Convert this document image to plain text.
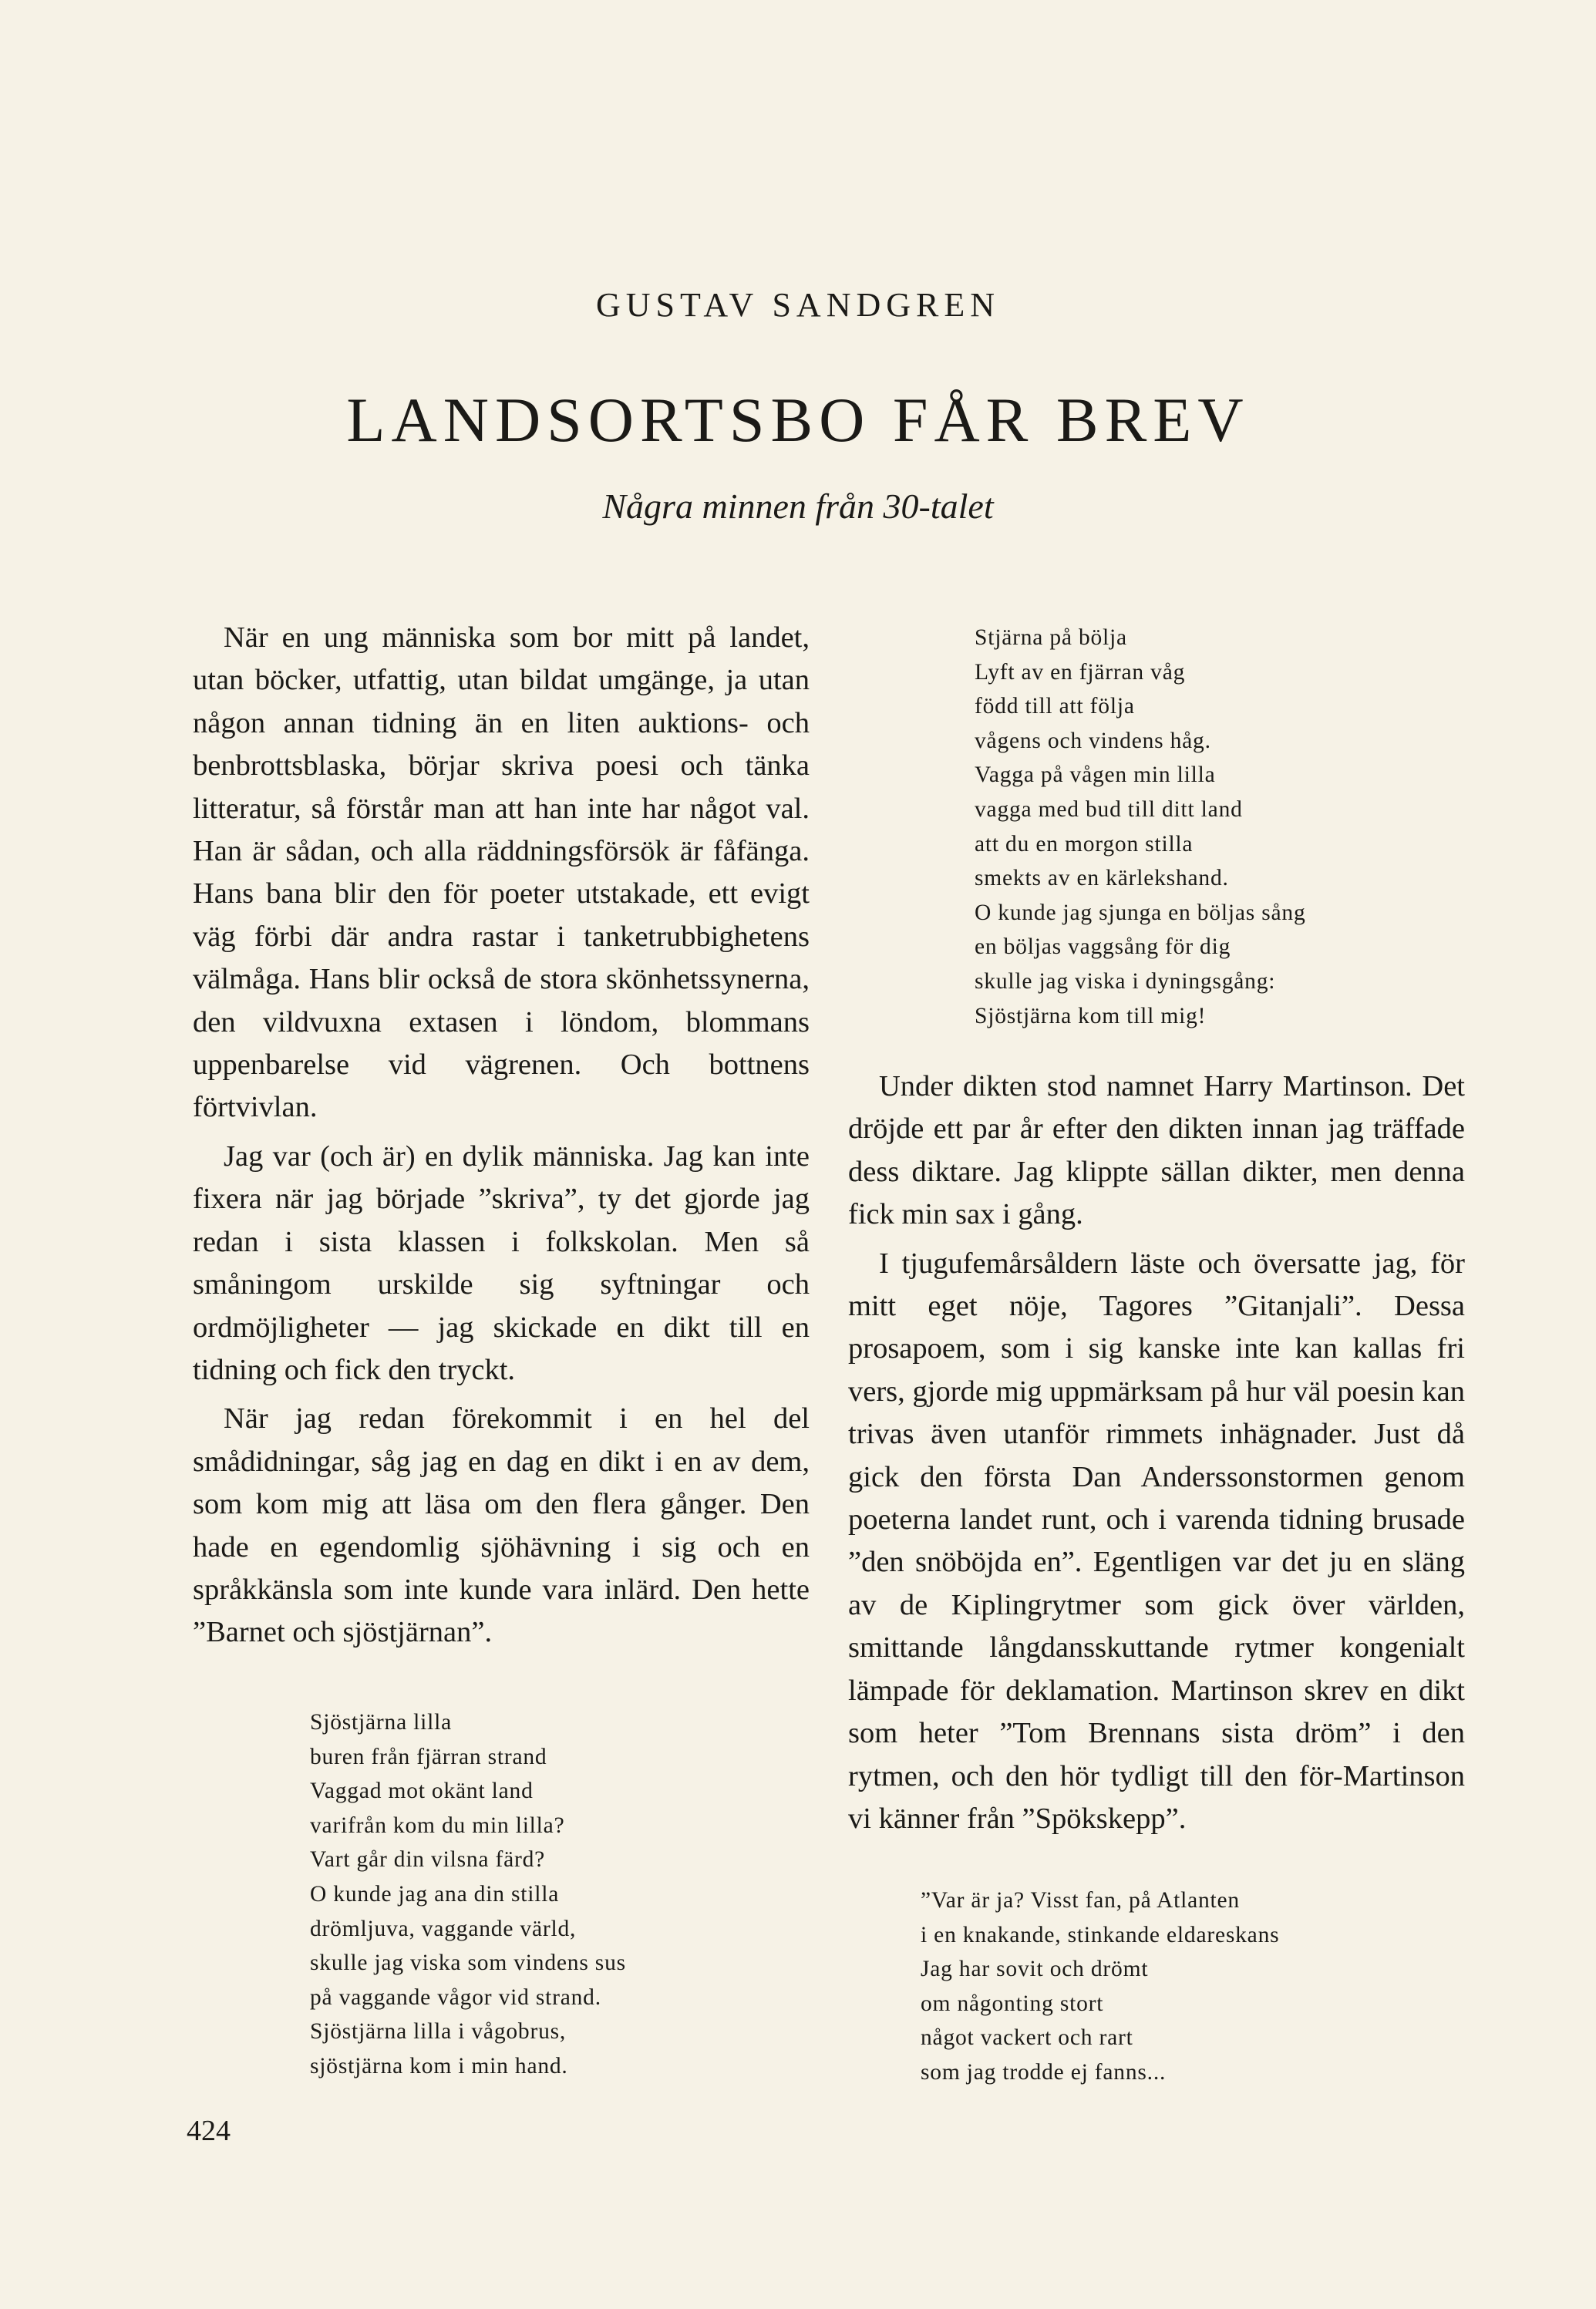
GUSTAV SANDGREN
LANDSORTSBO FÅR BREV
Några minnen från 30-talet

När en ung människa som bor mitt på landet, utan böcker, utfattig, utan bildat umgänge, ja utan någon annan tidning än en liten auktions- och benbrottsblaska, börjar skriva poesi och tänka litteratur, så förstår man att han inte har något val. Han är sådan, och alla räddningsförsök är fåfänga. Hans bana blir den för poeter utstakade, ett evigt väg förbi där andra rastar i tanketrubbighetens välmåga. Hans blir också de stora skönhetssynerna, den vildvuxna extasen i löndom, blommans uppenbarelse vid vägrenen. Och bottnens förtvivlan.

Jag var (och är) en dylik människa. Jag kan inte fixera när jag började ”skriva”, ty det gjorde jag redan i sista klassen i folkskolan. Men så småningom urskilde sig syftningar och ordmöjligheter — jag skickade en dikt till en tidning och fick den tryckt.

När jag redan förekommit i en hel del smådidningar, såg jag en dag en dikt i en av dem, som kom mig att läsa om den flera gånger. Den hade en egendomlig sjöhävning i sig och en språkkänsla som inte kunde vara inlärd. Den hette ”Barnet och sjöstjärnan”.

Sjöstjärna lilla
buren från fjärran strand
Vaggad mot okänt land
varifrån kom du min lilla?
Vart går din vilsna färd?
O kunde jag ana din stilla
drömljuva, vaggande värld,
skulle jag viska som vindens sus
på vaggande vågor vid strand.
Sjöstjärna lilla i vågobrus,
sjöstjärna kom i min hand.
Stjärna på bölja
Lyft av en fjärran våg
född till att följa
vågens och vindens håg.
Vagga på vågen min lilla
vagga med bud till ditt land
att du en morgon stilla
smekts av en kärlekshand.
O kunde jag sjunga en böljas sång
en böljas vaggsång för dig
skulle jag viska i dyningsgång:
Sjöstjärna kom till mig!

Under dikten stod namnet Harry Martinson. Det dröjde ett par år efter den dikten innan jag träffade dess diktare. Jag klippte sällan dikter, men denna fick min sax i gång.

I tjugufemårsåldern läste och översatte jag, för mitt eget nöje, Tagores ”Gitanjali”. Dessa prosapoem, som i sig kanske inte kan kallas fri vers, gjorde mig uppmärksam på hur väl poesin kan trivas även utanför rimmets inhägnader. Just då gick den första Dan Anderssonstormen genom poeterna landet runt, och i varenda tidning brusade ”den snöböjda en”. Egentligen var det ju en släng av de Kiplingrytmer som gick över världen, smittande långdansskuttande rytmer kongenialt lämpade för deklamation. Martinson skrev en dikt som heter ”Tom Brennans sista dröm” i den rytmen, och den hör tydligt till den för-Martinson vi känner från ”Spökskepp”.

”Var är ja? Visst fan, på Atlanten
i en knakande, stinkande eldareskans
Jag har sovit och drömt
om någonting stort
något vackert och rart
som jag trodde ej fanns...
424
